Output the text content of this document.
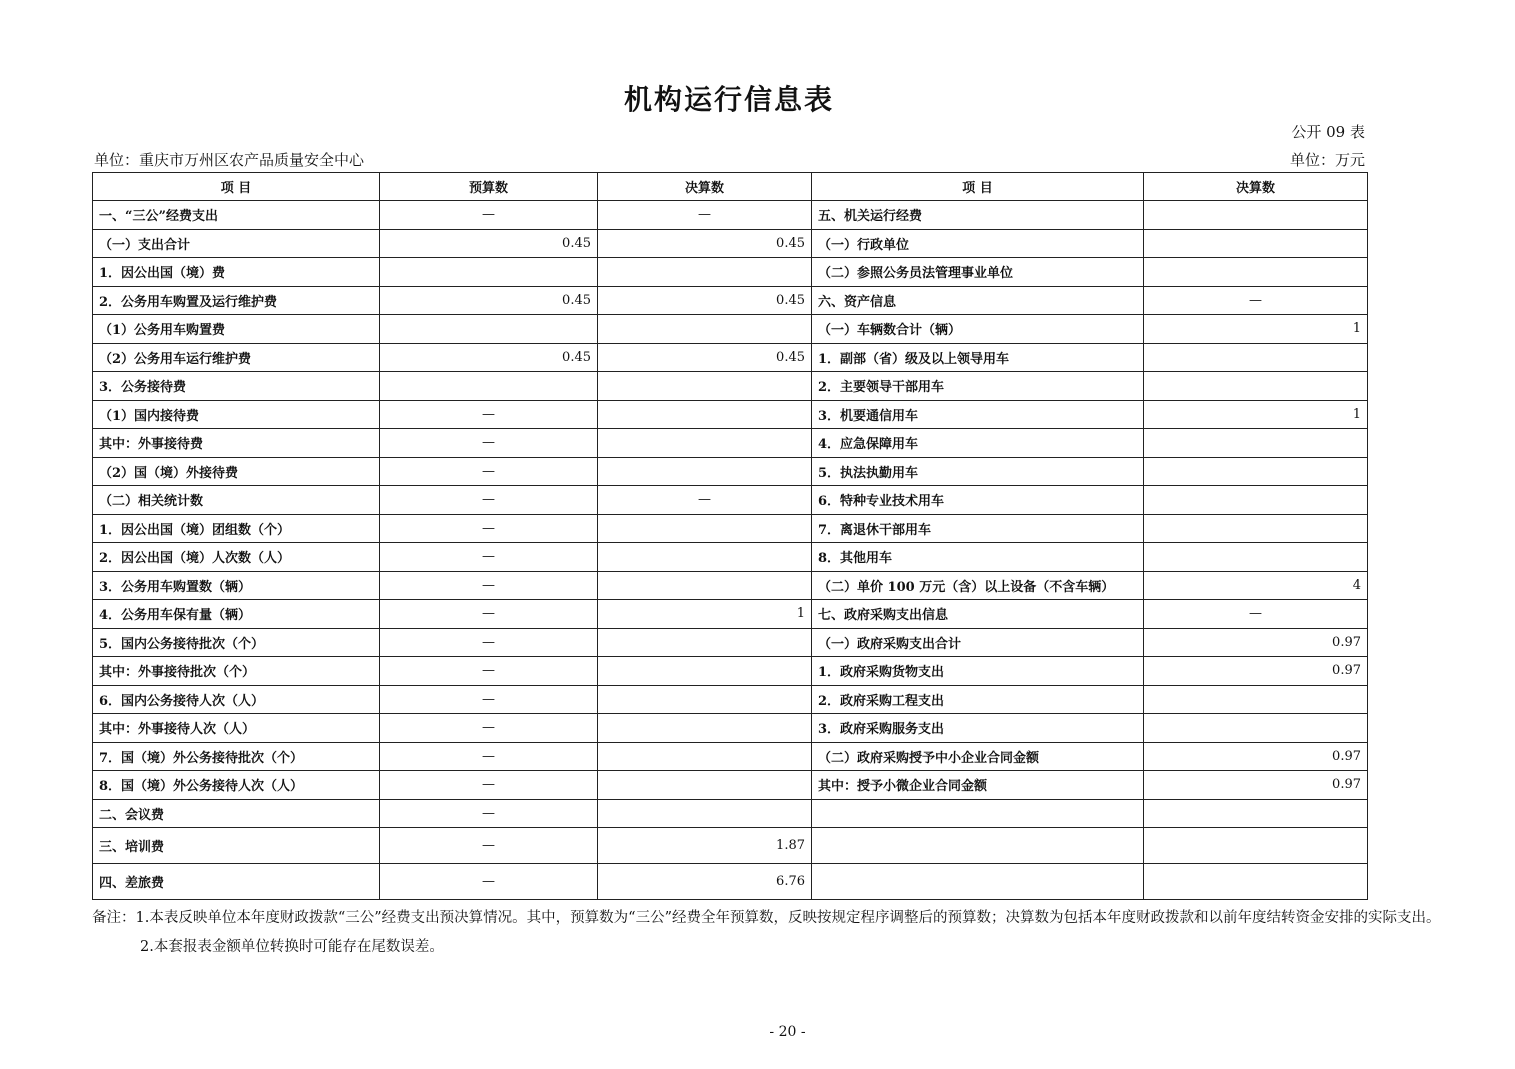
机构运行信息表
公开 09 表
单位：重庆市万州区农产品质量安全中心	单位：万元
项 目	预算数	决算数	项 目	决算数
一、“三公”经费支出	—	—	五、机关运行经费	
（一）支出合计	0.45	0.45	（一）行政单位	
1．因公出国（境）费			（二）参照公务员法管理事业单位	
2．公务用车购置及运行维护费	0.45	0.45	六、资产信息	—
（1）公务用车购置费			（一）车辆数合计（辆）	1
（2）公务用车运行维护费	0.45	0.45	1．副部（省）级及以上领导用车	
3．公务接待费			2．主要领导干部用车	
（1）国内接待费	—		3．机要通信用车	1
其中：外事接待费	—		4．应急保障用车	
（2）国（境）外接待费	—		5．执法执勤用车	
（二）相关统计数	—	—	6．特种专业技术用车	
1．因公出国（境）团组数（个）	—		7．离退休干部用车	
2．因公出国（境）人次数（人）	—		8．其他用车	
3．公务用车购置数（辆）	—		（二）单价 100 万元（含）以上设备（不含车辆）	4
4．公务用车保有量（辆）	—	1	七、政府采购支出信息	—
5．国内公务接待批次（个）	—		（一）政府采购支出合计	0.97
其中：外事接待批次（个）	—		1．政府采购货物支出	0.97
6．国内公务接待人次（人）	—		2．政府采购工程支出	
其中：外事接待人次（人）	—		3．政府采购服务支出	
7．国（境）外公务接待批次（个）	—		（二）政府采购授予中小企业合同金额	0.97
8．国（境）外公务接待人次（人）	—		其中：授予小微企业合同金额	0.97
二、会议费	—			
三、培训费	—	1.87		
四、差旅费	—	6.76		

备注：1.本表反映单位本年度财政拨款“三公”经费支出预决算情况。其中，预算数为“三公”经费全年预算数，反映按规定程序调整后的预算数；决算数为包括本年度财政拨款和以前年度结转资金安排的实际支出。

2.本套报表金额单位转换时可能存在尾数误差。

- 20 -
